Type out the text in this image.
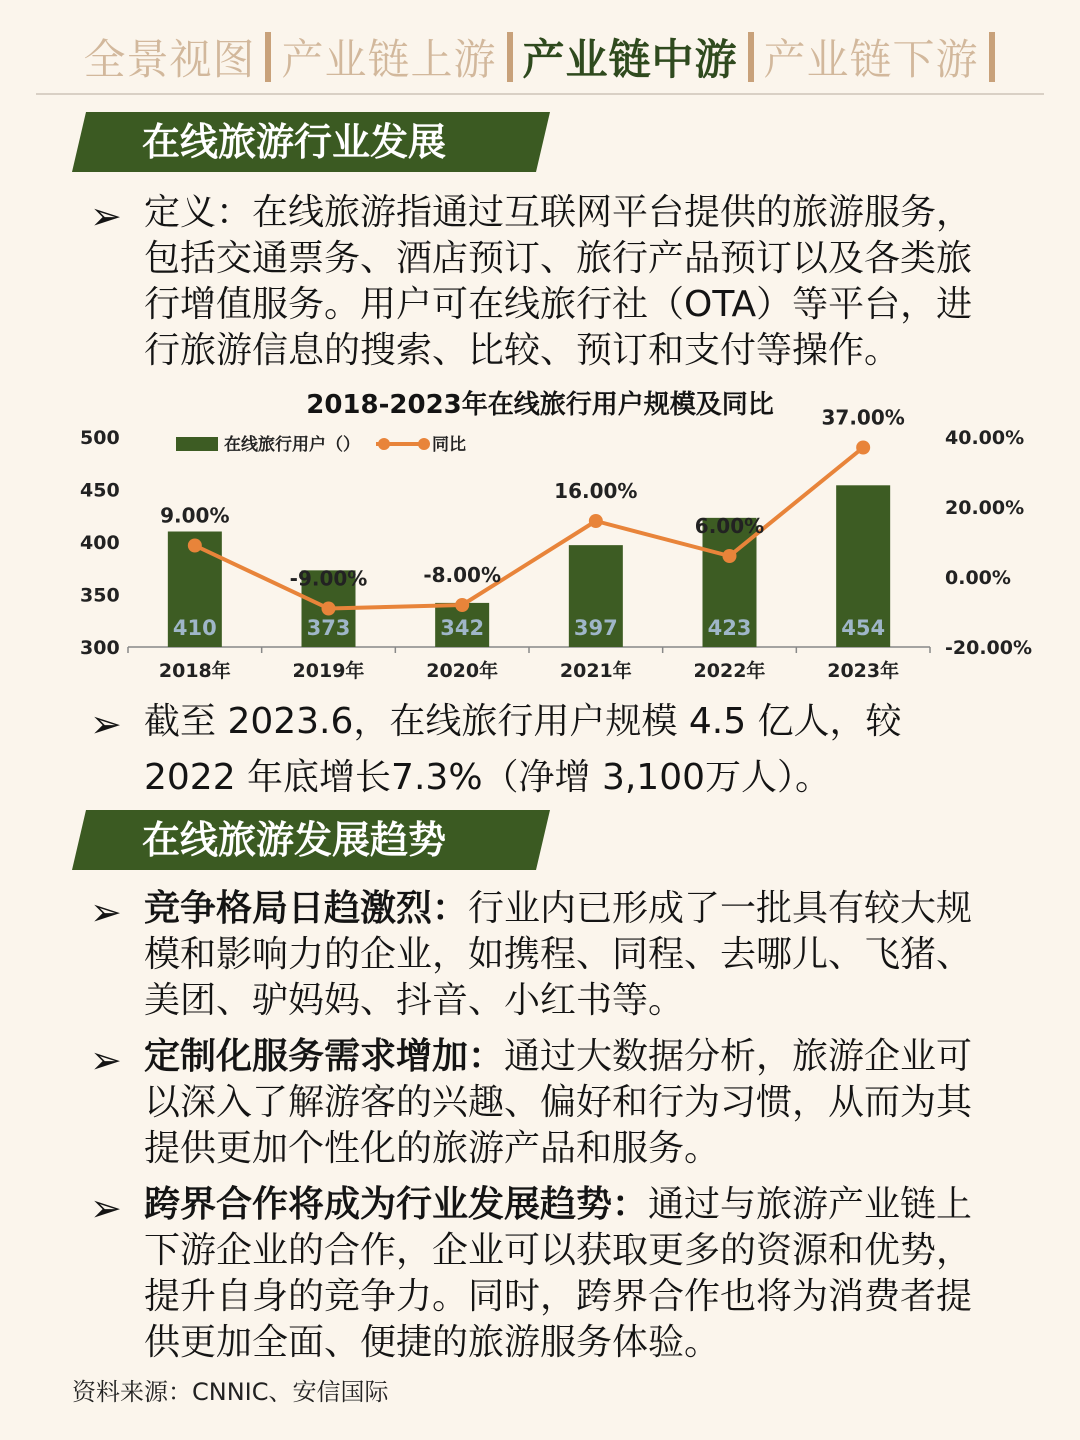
全景视图 产业链上游 产业链中游 产业链下游
在线旅游行业发展
➢ 定义：在线旅游指通过互联网平台提供的旅游服务，包括交通票务、酒店预订、旅行产品预订以及各类旅行增值服务。用户可在线旅行社（OTA）等平台，进行旅游信息的搜索、比较、预订和支付等操作。
2018-2023年在线旅行用户规模及同比
300
350
400
450
500
-20.00%
0.00%
20.00%
40.00%
2018年	2019年	2020年	2021年	2022年	2023年
410	373	342	397	423	454
9.00%
-9.00%	-8.00%
16.00%
6.00%
37.00%
在线旅行用户（）	同比
➢ 截至 2023.6，在线旅行用户规模 4.5 亿人，较 2022 年底增长7.3%（净增 3,100万人）。
在线旅游发展趋势
➢ 竞争格局日趋激烈：行业内已形成了一批具有较大规模和影响力的企业，如携程、同程、去哪儿、飞猪、美团、驴妈妈、抖音、小红书等。
➢ 定制化服务需求增加：通过大数据分析，旅游企业可以深入了解游客的兴趣、偏好和行为习惯，从而为其提供更加个性化的旅游产品和服务。
➢ 跨界合作将成为行业发展趋势：通过与旅游产业链上下游企业的合作，企业可以获取更多的资源和优势，提升自身的竞争力。同时，跨界合作也将为消费者提供更加全面、便捷的旅游服务体验。
资料来源：CNNIC、安信国际
